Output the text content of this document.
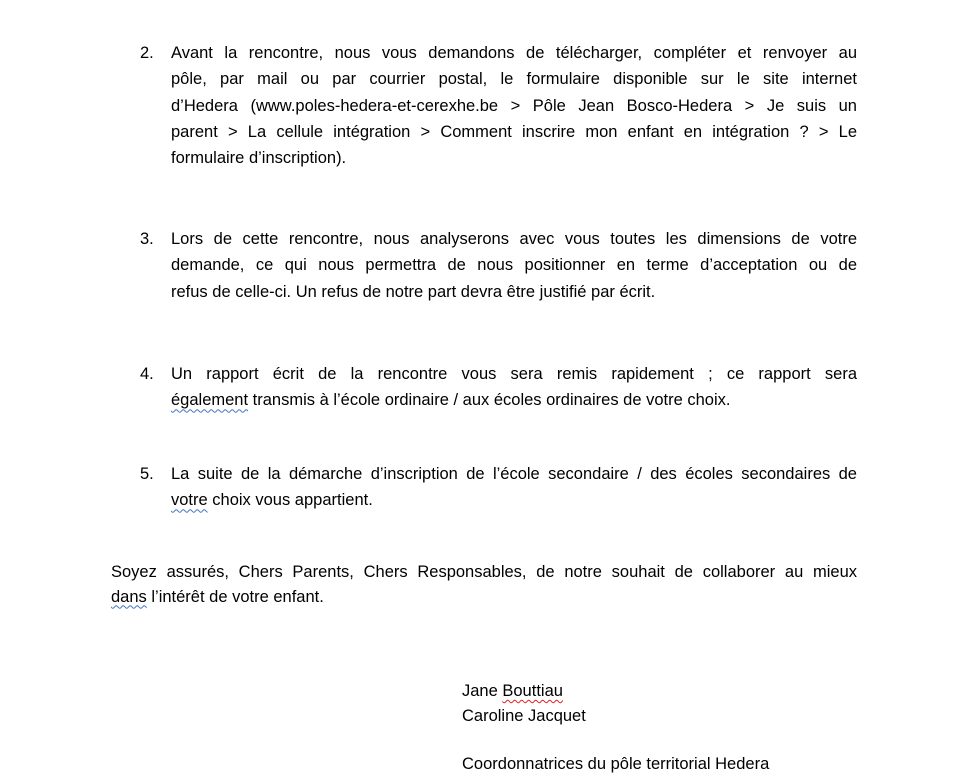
2.	Avant la rencontre, nous vous demandons de télécharger, compléter et renvoyer au
pôle, par mail ou par courrier postal, le formulaire disponible sur le site internet
d’Hedera (www.poles-hedera-et-cerexhe.be > Pôle Jean Bosco-Hedera > Je suis un
parent > La cellule intégration > Comment inscrire mon enfant en intégration ? > Le
formulaire d’inscription).
3.	Lors de cette rencontre, nous analyserons avec vous toutes les dimensions de votre
demande, ce qui nous permettra de nous positionner en terme d’acceptation ou de
refus de celle-ci. Un refus de notre part devra être justifié par écrit.
4.	Un rapport écrit de la rencontre vous sera remis rapidement ; ce rapport sera
également transmis à l’école ordinaire / aux écoles ordinaires de votre choix.
5.	La suite de la démarche d’inscription de l’école secondaire / des écoles secondaires de
votre choix vous appartient.
Soyez assurés, Chers Parents, Chers Responsables, de notre souhait de collaborer au mieux
dans l’intérêt de votre enfant.
Jane Bouttiau
Caroline Jacquet
Coordonnatrices du pôle territorial Hedera
